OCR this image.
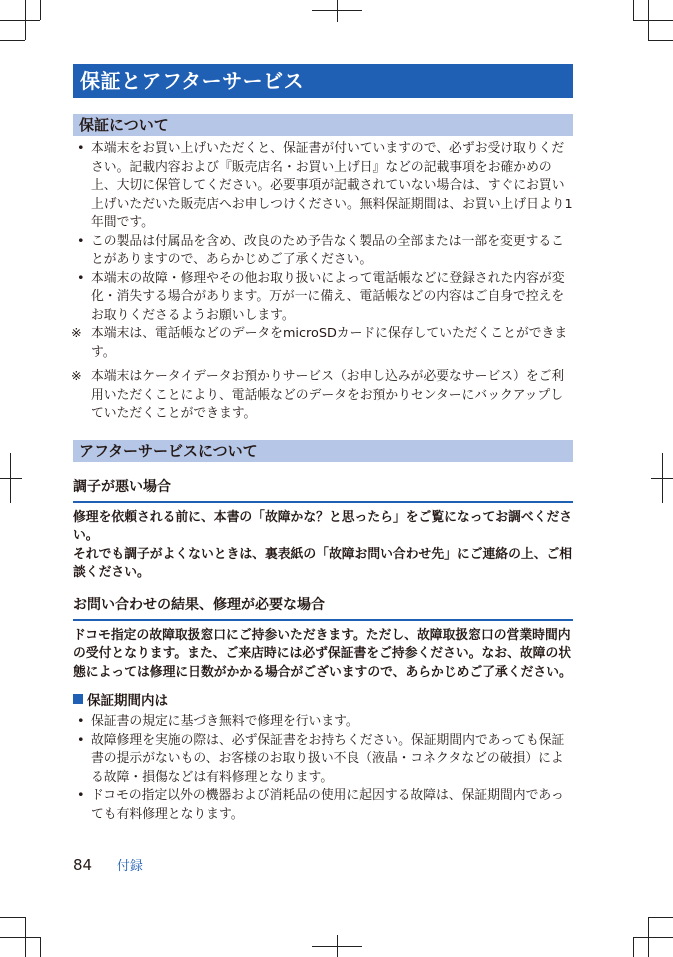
保証とアフターサービス
保証について
• 本端末をお買い上げいただくと、保証書が付いていますので、必ずお受け取りください。記載内容および『販売店名・お買い上げ日』などの記載事項をお確かめの上、大切に保管してください。必要事項が記載されていない場合は、すぐにお買い上げいただいた販売店へお申しつけください。無料保証期間は、お買い上げ日より1年間です。
• この製品は付属品を含め、改良のため予告なく製品の全部または一部を変更することがありますので、あらかじめご了承ください。
• 本端末の故障・修理やその他お取り扱いによって電話帳などに登録された内容が変化・消失する場合があります。万が一に備え、電話帳などの内容はご自身で控えをお取りくださるようお願いします。
※ 本端末は、電話帳などのデータをmicroSDカードに保存していただくことができます。
※ 本端末はケータイデータお預かりサービス（お申し込みが必要なサービス）をご利用いただくことにより、電話帳などのデータをお預かりセンターにバックアップしていただくことができます。
アフターサービスについて
調子が悪い場合
修理を依頼される前に、本書の「故障かな？と思ったら」をご覧になってお調べください。
それでも調子がよくないときは、裏表紙の「故障お問い合わせ先」にご連絡の上、ご相談ください。
お問い合わせの結果、修理が必要な場合
ドコモ指定の故障取扱窓口にご持参いただきます。ただし、故障取扱窓口の営業時間内の受付となります。また、ご来店時には必ず保証書をご持参ください。なお、故障の状態によっては修理に日数がかかる場合がございますので、あらかじめご了承ください。
保証期間内は
• 保証書の規定に基づき無料で修理を行います。
• 故障修理を実施の際は、必ず保証書をお持ちください。保証期間内であっても保証書の提示がないもの、お客様のお取り扱い不良（液晶・コネクタなどの破損）による故障・損傷などは有料修理となります。
• ドコモの指定以外の機器および消耗品の使用に起因する故障は、保証期間内であっても有料修理となります。
84 付録
